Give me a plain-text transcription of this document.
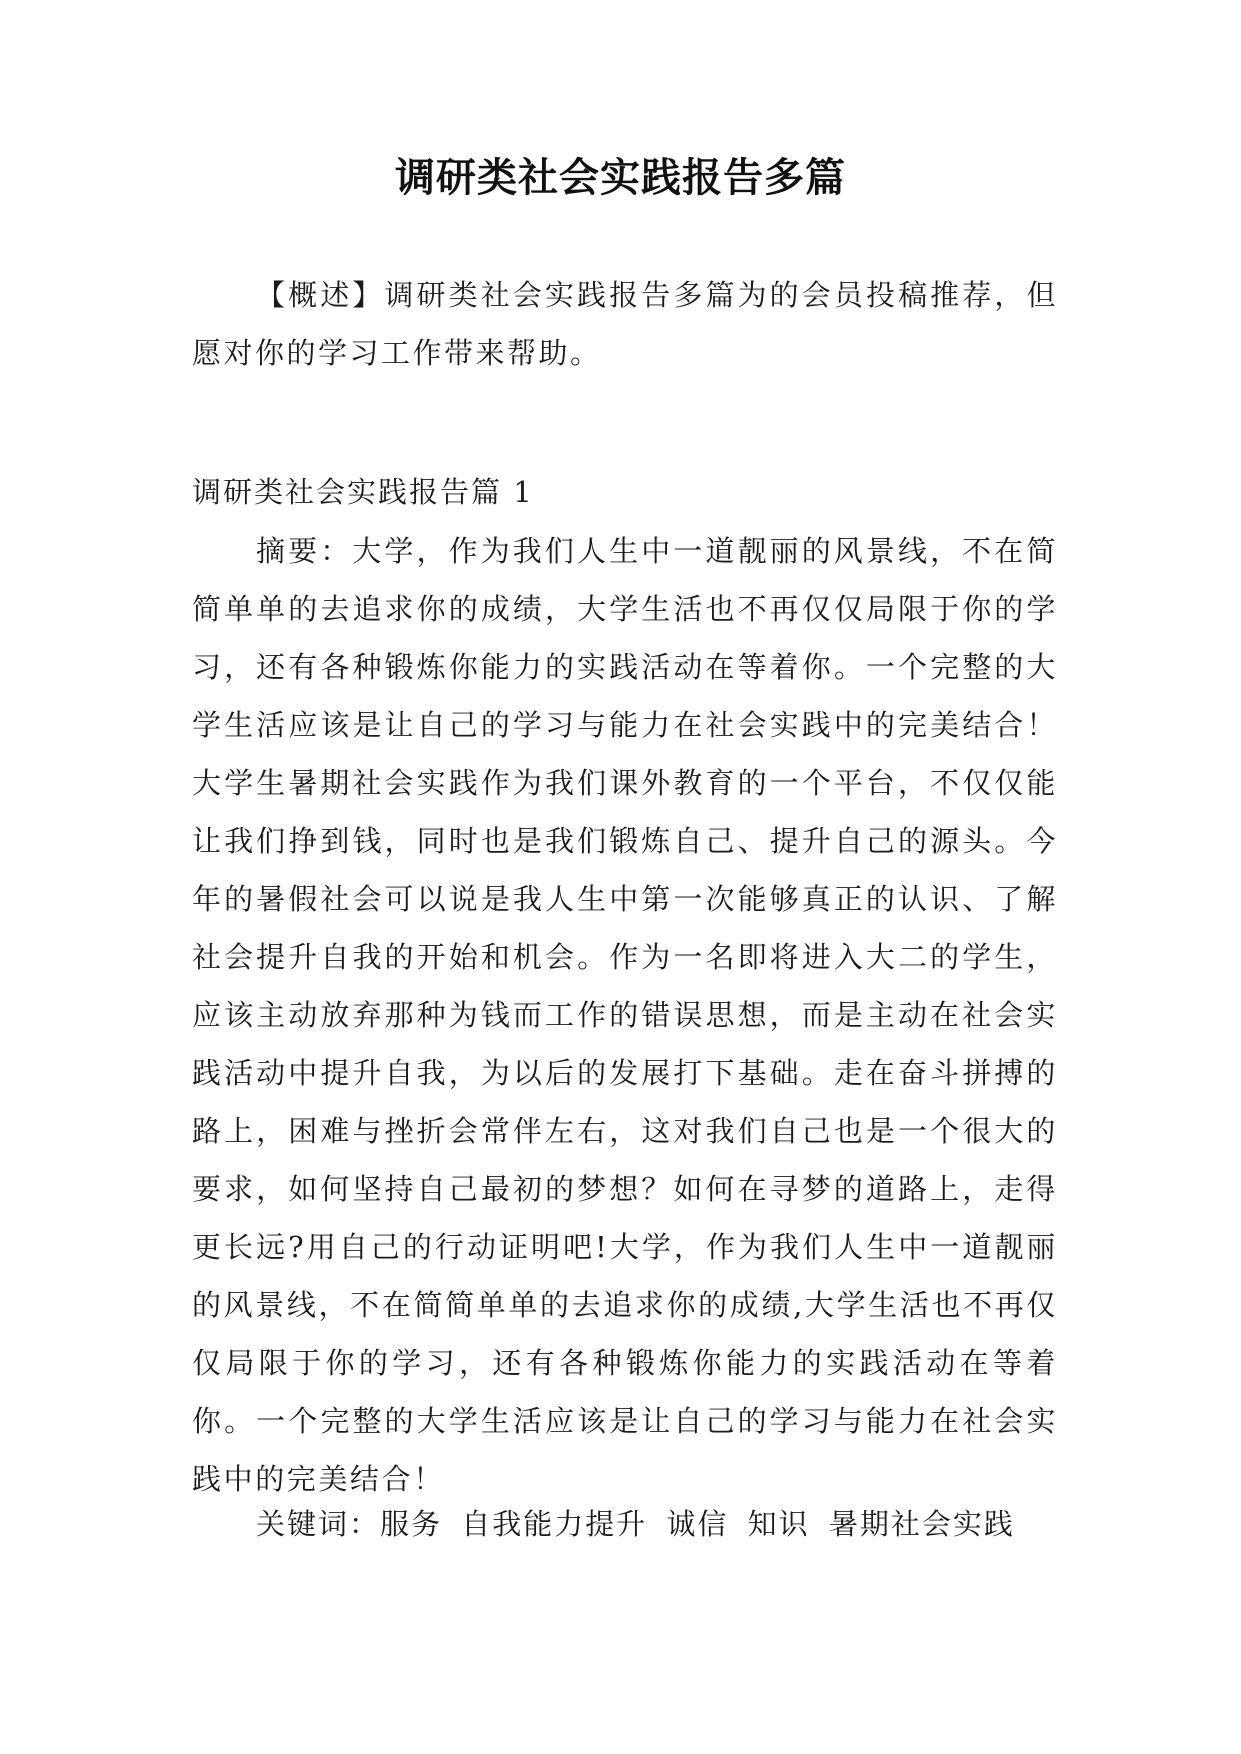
调研类社会实践报告多篇
【概述】调研类社会实践报告多篇为的会员投稿推荐，但愿对你的学习工作带来帮助。
调研类社会实践报告篇 1
摘要：大学，作为我们人生中一道靓丽的风景线，不在简简单单的去追求你的成绩，大学生活也不再仅仅局限于你的学习，还有各种锻炼你能力的实践活动在等着你。一个完整的大学生活应该是让自己的学习与能力在社会实践中的完美结合！大学生暑期社会实践作为我们课外教育的一个平台，不仅仅能让我们挣到钱，同时也是我们锻炼自己、提升自己的源头。今年的暑假社会可以说是我人生中第一次能够真正的认识、了解社会提升自我的开始和机会。作为一名即将进入大二的学生，应该主动放弃那种为钱而工作的错误思想，而是主动在社会实践活动中提升自我，为以后的发展打下基础。走在奋斗拼搏的路上，困难与挫折会常伴左右，这对我们自己也是一个很大的要求，如何坚持自己最初的梦想？如何在寻梦的道路上，走得更长远?用自己的行动证明吧!大学，作为我们人生中一道靓丽的风景线，不在简简单单的去追求你的成绩,大学生活也不再仅仅局限于你的学习，还有各种锻炼你能力的实践活动在等着你。一个完整的大学生活应该是让自己的学习与能力在社会实践中的完美结合！
关键词：服务 自我能力提升 诚信 知识 暑期社会实践
